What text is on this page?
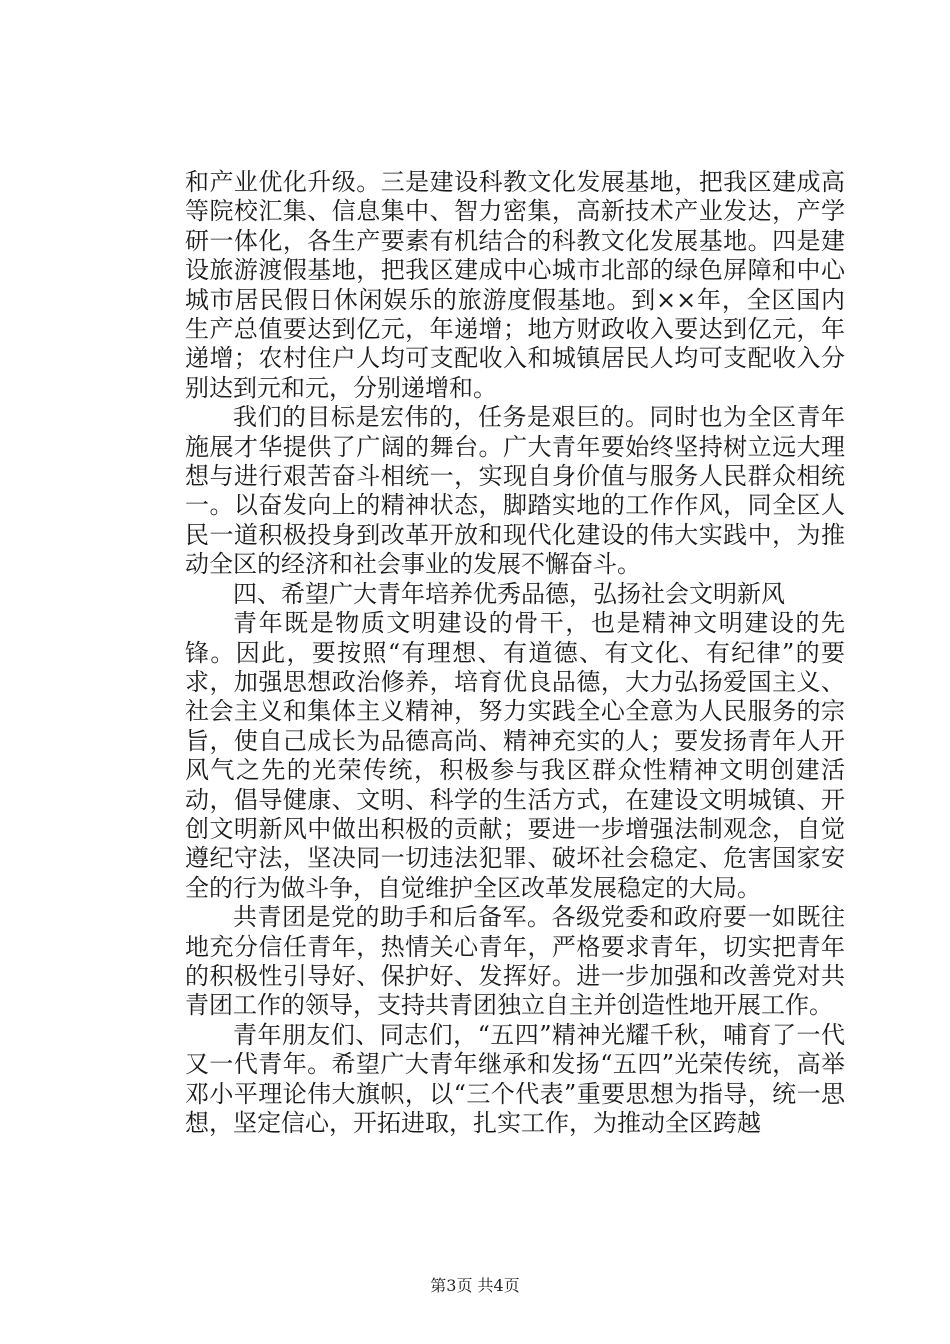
和产业优化升级。三是建设科教文化发展基地，把我区建成高等院校汇集、信息集中、智力密集，高新技术产业发达，产学研一体化，各生产要素有机结合的科教文化发展基地。四是建设旅游渡假基地，把我区建成中心城市北部的绿色屏障和中心城市居民假日休闲娱乐的旅游度假基地。到××年，全区国内生产总值要达到亿元，年递增；地方财政收入要达到亿元，年递增；农村住户人均可支配收入和城镇居民人均可支配收入分别达到元和元，分别递增和。

我们的目标是宏伟的，任务是艰巨的。同时也为全区青年施展才华提供了广阔的舞台。广大青年要始终坚持树立远大理想与进行艰苦奋斗相统一，实现自身价值与服务人民群众相统一。以奋发向上的精神状态，脚踏实地的工作作风，同全区人民一道积极投身到改革开放和现代化建设的伟大实践中，为推动全区的经济和社会事业的发展不懈奋斗。

四、希望广大青年培养优秀品德，弘扬社会文明新风

青年既是物质文明建设的骨干，也是精神文明建设的先锋。因此，要按照“有理想、有道德、有文化、有纪律”的要求，加强思想政治修养，培育优良品德，大力弘扬爱国主义、社会主义和集体主义精神，努力实践全心全意为人民服务的宗旨，使自己成长为品德高尚、精神充实的人；要发扬青年人开风气之先的光荣传统，积极参与我区群众性精神文明创建活动，倡导健康、文明、科学的生活方式，在建设文明城镇、开创文明新风中做出积极的贡献；要进一步增强法制观念，自觉遵纪守法，坚决同一切违法犯罪、破坏社会稳定、危害国家安全的行为做斗争，自觉维护全区改革发展稳定的大局。

共青团是党的助手和后备军。各级党委和政府要一如既往地充分信任青年，热情关心青年，严格要求青年，切实把青年的积极性引导好、保护好、发挥好。进一步加强和改善党对共青团工作的领导，支持共青团独立自主并创造性地开展工作。

青年朋友们、同志们，“五四”精神光耀千秋，哺育了一代又一代青年。希望广大青年继承和发扬“五四”光荣传统，高举邓小平理论伟大旗帜，以“三个代表”重要思想为指导，统一思想，坚定信心，开拓进取，扎实工作，为推动全区跨越

第3页 共4页
